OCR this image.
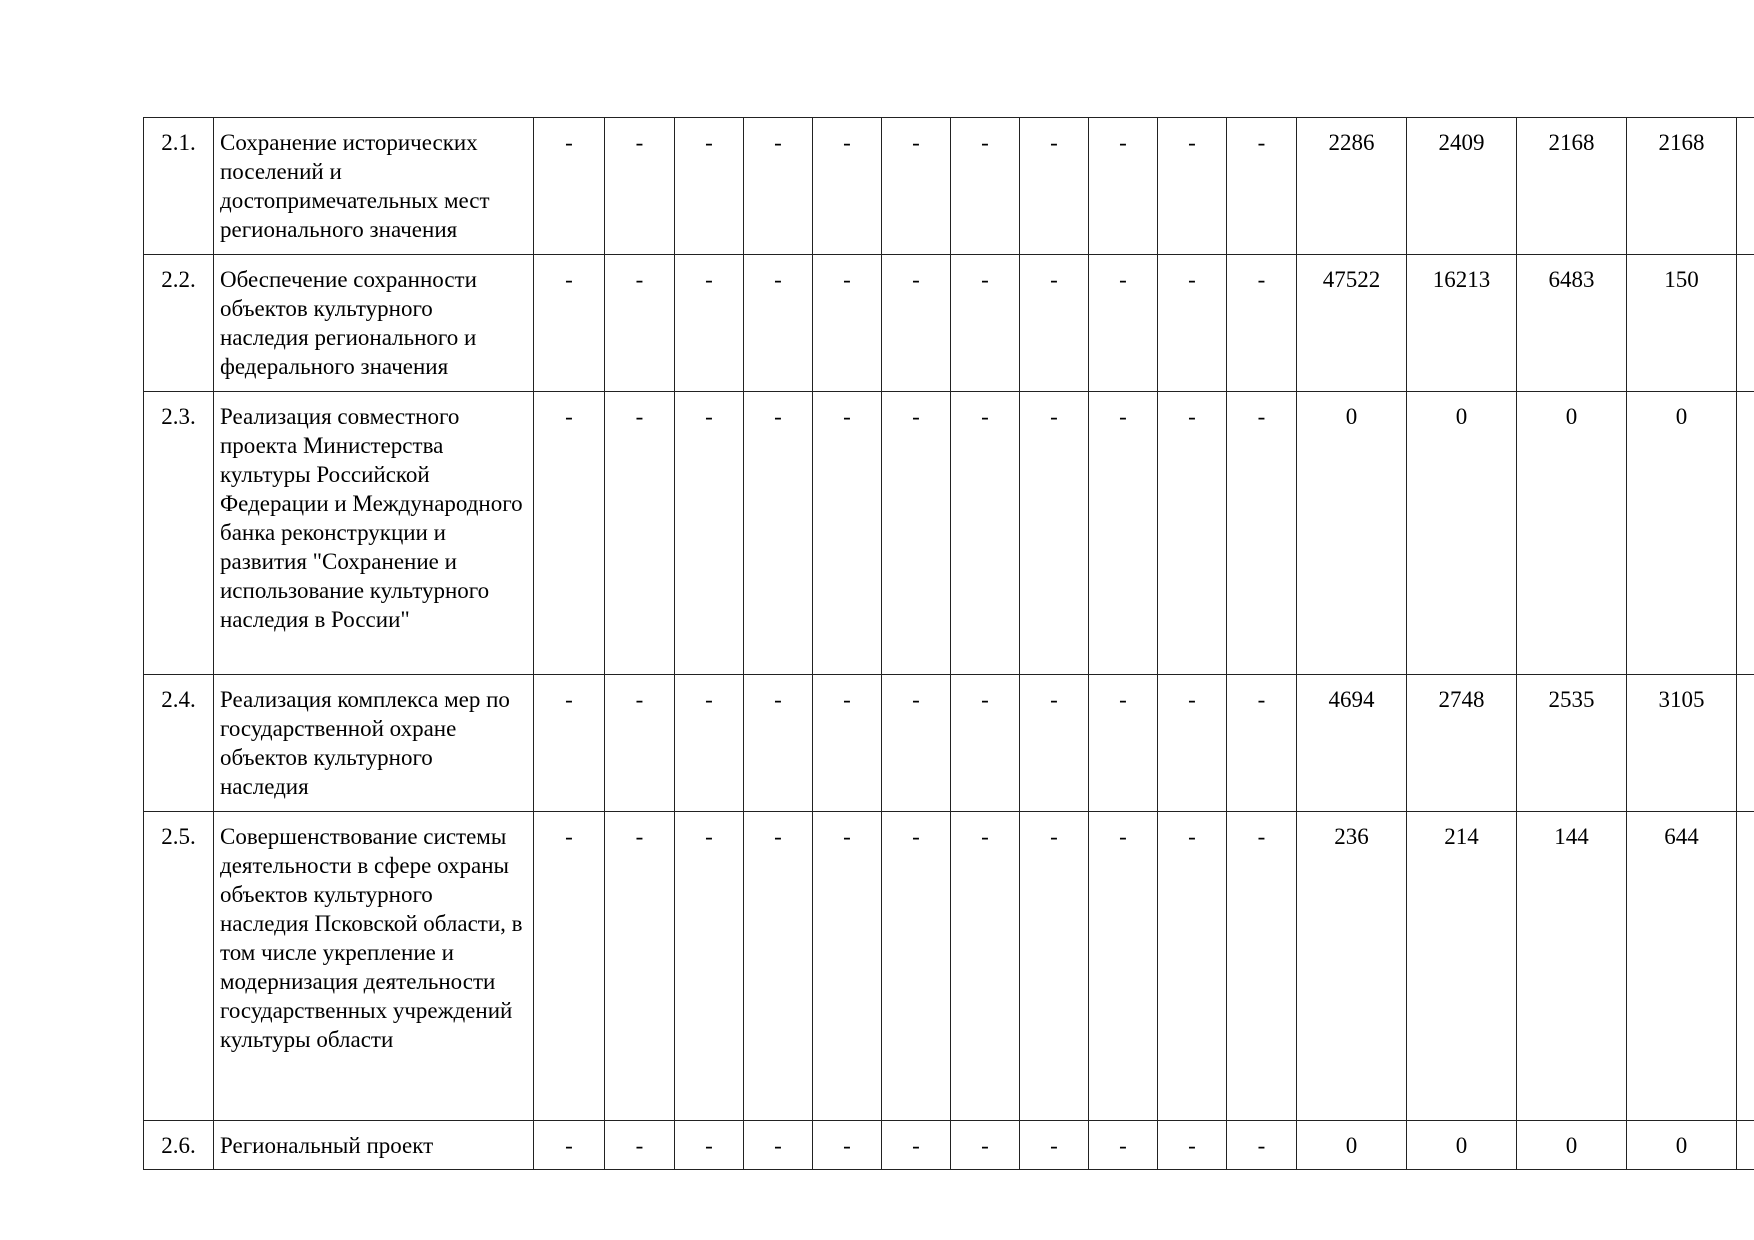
2.1.	Сохранение исторических поселений и достопримечательных мест регионального значения	-	-	-	-	-	-	-	-	-	-	-	2286	2409	2168	2168	
2.2.	Обеспечение сохранности объектов культурного наследия регионального и федерального значения	-	-	-	-	-	-	-	-	-	-	-	47522	16213	6483	150	
2.3.	Реализация совместного проекта Министерства культуры Российской Федерации и Международного банка реконструкции и развития "Сохранение и использование культурного наследия в России"	-	-	-	-	-	-	-	-	-	-	-	0	0	0	0	
2.4.	Реализация комплекса мер по государственной охране объектов культурного наследия	-	-	-	-	-	-	-	-	-	-	-	4694	2748	2535	3105	
2.5.	Совершенствование системы деятельности в сфере охраны объектов культурного наследия Псковской области, в том числе укрепление и модернизация деятельности государственных учреждений культуры области	-	-	-	-	-	-	-	-	-	-	-	236	214	144	644	
2.6.	Региональный проект	-	-	-	-	-	-	-	-	-	-	-	0	0	0	0	
